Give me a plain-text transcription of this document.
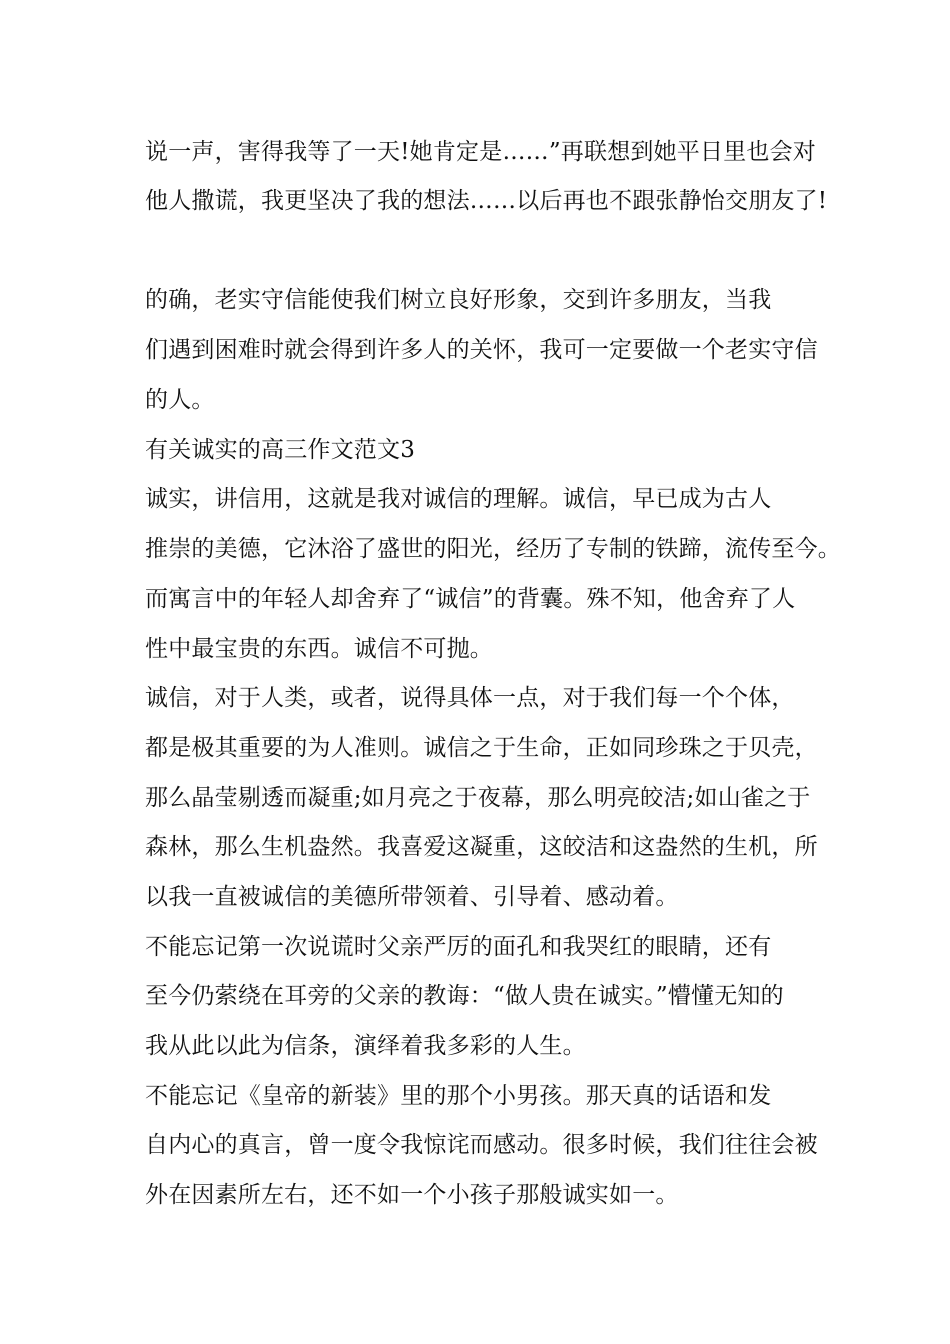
说一声，害得我等了一天!她肯定是……”再联想到她平日里也会对
他人撒谎，我更坚决了我的想法……以后再也不跟张静怡交朋友了!
的确，老实守信能使我们树立良好形象，交到许多朋友，当我
们遇到困难时就会得到许多人的关怀，我可一定要做一个老实守信
的人。
有关诚实的高三作文范文3
诚实，讲信用，这就是我对诚信的理解。诚信，早已成为古人
推崇的美德，它沐浴了盛世的阳光，经历了专制的铁蹄，流传至今。
而寓言中的年轻人却舍弃了“诚信”的背囊。殊不知，他舍弃了人
性中最宝贵的东西。诚信不可抛。
诚信，对于人类，或者，说得具体一点，对于我们每一个个体，
都是极其重要的为人准则。诚信之于生命，正如同珍珠之于贝壳，
那么晶莹剔透而凝重;如月亮之于夜幕，那么明亮皎洁;如山雀之于
森林，那么生机盎然。我喜爱这凝重，这皎洁和这盎然的生机，所
以我一直被诚信的美德所带领着、引导着、感动着。
不能忘记第一次说谎时父亲严厉的面孔和我哭红的眼睛，还有
至今仍萦绕在耳旁的父亲的教诲：“做人贵在诚实。”懵懂无知的
我从此以此为信条，演绎着我多彩的人生。
不能忘记《皇帝的新装》里的那个小男孩。那天真的话语和发
自内心的真言，曾一度令我惊诧而感动。很多时候，我们往往会被
外在因素所左右，还不如一个小孩子那般诚实如一。
